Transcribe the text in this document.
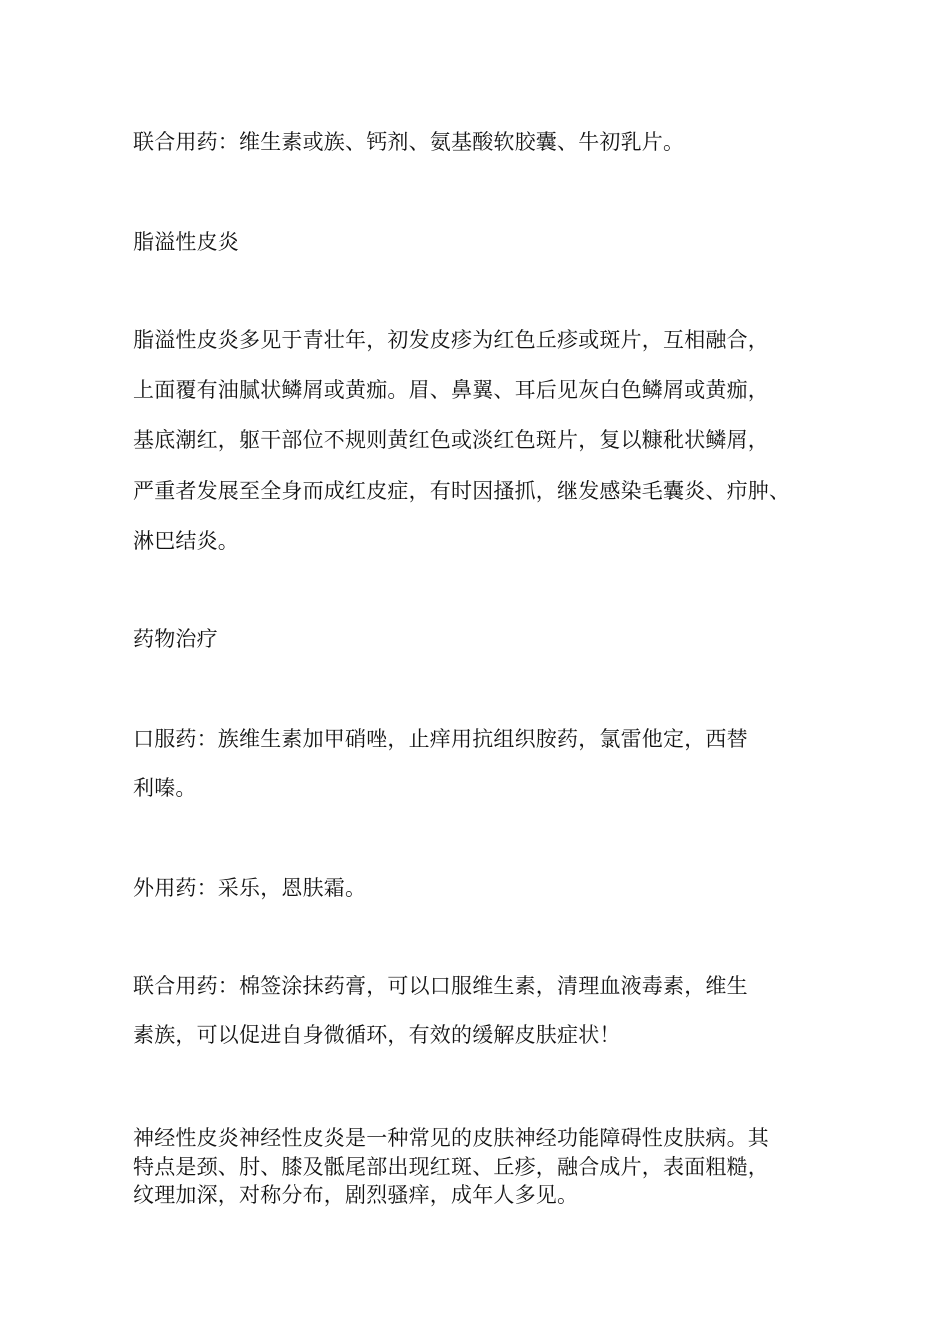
联合用药：维生素或族、钙剂、氨基酸软胶囊、牛初乳片。
脂溢性皮炎
脂溢性皮炎多见于青壮年，初发皮疹为红色丘疹或斑片，互相融合，
上面覆有油腻状鳞屑或黄痂。眉、鼻翼、耳后见灰白色鳞屑或黄痂，
基底潮红，躯干部位不规则黄红色或淡红色斑片，复以糠秕状鳞屑，
严重者发展至全身而成红皮症，有时因搔抓，继发感染毛囊炎、疖肿、
淋巴结炎。
药物治疗
口服药：族维生素加甲硝唑，止痒用抗组织胺药，氯雷他定，西替
利嗪。
外用药：采乐，恩肤霜。
联合用药：棉签涂抹药膏，可以口服维生素，清理血液毒素，维生
素族，可以促进自身微循环，有效的缓解皮肤症状！
神经性皮炎神经性皮炎是一种常见的皮肤神经功能障碍性皮肤病。其
特点是颈、肘、膝及骶尾部出现红斑、丘疹，融合成片，表面粗糙，
纹理加深，对称分布，剧烈骚痒，成年人多见。
